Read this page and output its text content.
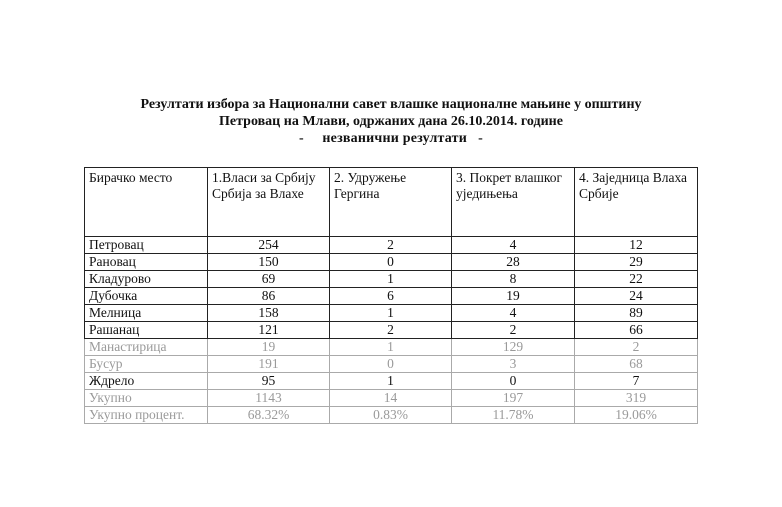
Резултати избора за Национални савет влашке националне мањине у општину
Петровац на Млави, одржаних дана 26.10.2014. године
-     незванични резултати   -
Бирачко место	1.Власи за Србију Србија за Влахе	2. Удружење Гергина	3. Покрет влашког уједињења	4. Заједница Влаха Србије
Петровац	254	2	4	12
Рановац	150	0	28	29
Кладурово	69	1	8	22
Дубочка	86	6	19	24
Мелница	158	1	4	89
Рашанац	121	2	2	66
Манастирица	19	1	129	2
Бусур	191	0	3	68
Ждрело	95	1	0	7
Укупно	1143	14	197	319
Укупно процент.	68.32%	0.83%	11.78%	19.06%
